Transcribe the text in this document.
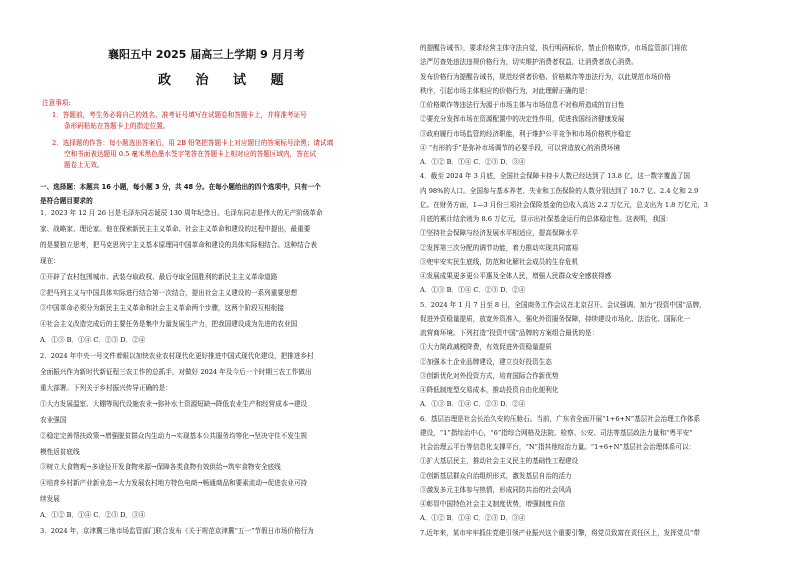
襄阳五中 2025 届高三上学期 9 月月考
政 治 试 题
注意事项:
1．答题前，考生务必将自己的姓名、准考证号填写在试题卷和答题卡上，并将准考证号
条形码粘贴在答题卡上的指定位置。
2．选择题的作答：每小题选出答案后，用 2B 铅笔把答题卡上对应题目的答案标号涂黑；请试填
空和书面表达题用 0.5 毫米黑色墨水签字笔答在答题卡上相对应的答题区域内，答在试
题卷上无效。
一、选择题：本题共 16 小题，每小题 3 分，共 48 分。在每小题给出的四个选项中，只有一个
是符合题目要求的
1．2023 年 12 月 26 日是毛泽东同志诞辰 130 周年纪念日。毛泽东同志是伟大的无产阶级革命
家、战略家、理论家。他在探索新民主主义革命、社会主义革命和建设的过程中提出，最重要
的是要独立思考，把马克思列宁主义基本原理同中国革命和建设的具体实际相结合。这种结合表
现在：
①开辟了农村包围城市、武装夺取政权、最后夺取全国胜利的新民主主义革命道路
②把马列主义与中国具体实际进行结合第一次结合，提出社会主义建设的一系列重要思想
③中国革命必须分为新民主主义革命和社会主义革命两个步骤，这两个阶段互相衔接
④社会主义改造完成后的主要任务是集中力量发展生产力，把我国建设成为先进的农业国
A．①③ B．①④ C．②③ D．②④
2．2024 年中央一号文件着眼以加快农业农村现代化更好推进中国式现代化建设，把推进乡村
全面振兴作为新时代新征程三农工作的总抓手，对做好 2024 年及今后一个时期三农工作做出
重大部署。下列关于乡村振兴传导正确的是：
①大力发展温室、大棚等现代设施农业→弥补水土资源短缺→降低农业生产和经营成本→建设
农业强国
②稳定完善帮扶政策→增强脱贫群众内生动力→实现基本公共服务均等化→坚决守住不发生规
模性返贫底线
③树立大食物观→多途径开发食物来源→保障各类食物有效供给→筑牢食物安全底线
④培育乡村新产业新业态→大力发展农村地方特色电商→畅通商品和要素流动→促进农业可持
续发展
A．①② B．①④ C．②③ D．③④
3．2024 年，京津冀三地市场监管部门联合发布《关于规范京津冀“五一”节假日市场价格行为
的提醒告诫书》，要求经营主体守法自觉，执行明码标价，禁止价格欺诈，市场监管部门将依
法严厉查处违法违规价格行为，切实维护消费者权益，让消费者放心消费。
发布价格行为提醒告诫书，规范经营者价格、价格欺诈等违法行为，以此规范市场价格
秩序，引起市场主体相应的价格行为，对此理解正确的是：
①价格欺诈等违法行为源于市场主体与市场信息不对称所造成的盲目性
②要充分发挥市场在资源配置中的决定性作用，促进我国经济健康发展
③政府履行市场监管的经济职能，利于维护公平竞争和市场价格秩序稳定
④ “有形的手”是弥补市场调节的必要手段，可以营造放心的消费环境
A．①② B．①④ C．②③ D．③④
4．截至 2024 年 3 月底，全国社会保障卡持卡人数已经达到了 13.8 亿，这一数字覆盖了国
内 98%的人口。全国参与基本养老、失业和工伤保险的人数分别达到了 10.7 亿、2.4 亿和 2.9
亿。在财务方面，1—3 月份三项社会保险基金的总收入高达 2.2 万亿元，总支出为 1.8 万亿元，3
月底的累计结余则为 8.6 万亿元，显示出社保基金运行的总体稳定性。这表明，我国：
①坚持社会保障与经济发展水平相适应，提高保障水平
②发挥第三次分配的调节功能，着力推动实现共同富裕
③兜牢安实民生底线，防范和化解社会成员的生存危机
④发展成果更多更公平惠及全体人民，增强人民群众安全感获得感
A．①③ B．①④ C．②③ D．②④
5．2024 年 1 月 7 日至 8 日，全国商务工作会议在北京召开。会议强调，加力“投资中国”品牌，
促进外资稳量提质，放宽外资准入，强化外资服务保障，持续建设市场化、法治化、国际化一
流营商环境。下列打造“投资中国”品牌的方案组合最优的是：
①大力简政减税降费，有效促进外资稳量提质
②加强本土企业品牌建设，建立良好投资生态
③创新优化对外投资方式，培育国际合作新优势
④降低制度型交易成本，推动投资自由化便利化
A．①③ B．①④ C．②③ D．②④
6．基层治理是社会长治久安的压舱石。当前，广东省全面开展“1+6+N”基层社会治理工作体系
建设，“1”指综治中心，“6”指综合网格及法院、检察、公安、司法等基层政法力量和“粤平安”
社会治理云平台等信息化支撑平台，“N”指其他综治力量。“1+6+N”基层社会治理体系可以：
①扩大基层民主，推动社会主义民主的基础性工程建设
②创新基层群众自治组织形式，激发基层自治的活力
③激发多元主体参与热情，形成同防共治的社会风尚
④彰显中国特色社会主义制度优势，增强制度自信
A．①② B．①④ C．②③ D．③④
7.近年来，某市牢牢抓住党建引领产业振兴这个重要引擎，将党员致富在责任区上，发挥党员“带
